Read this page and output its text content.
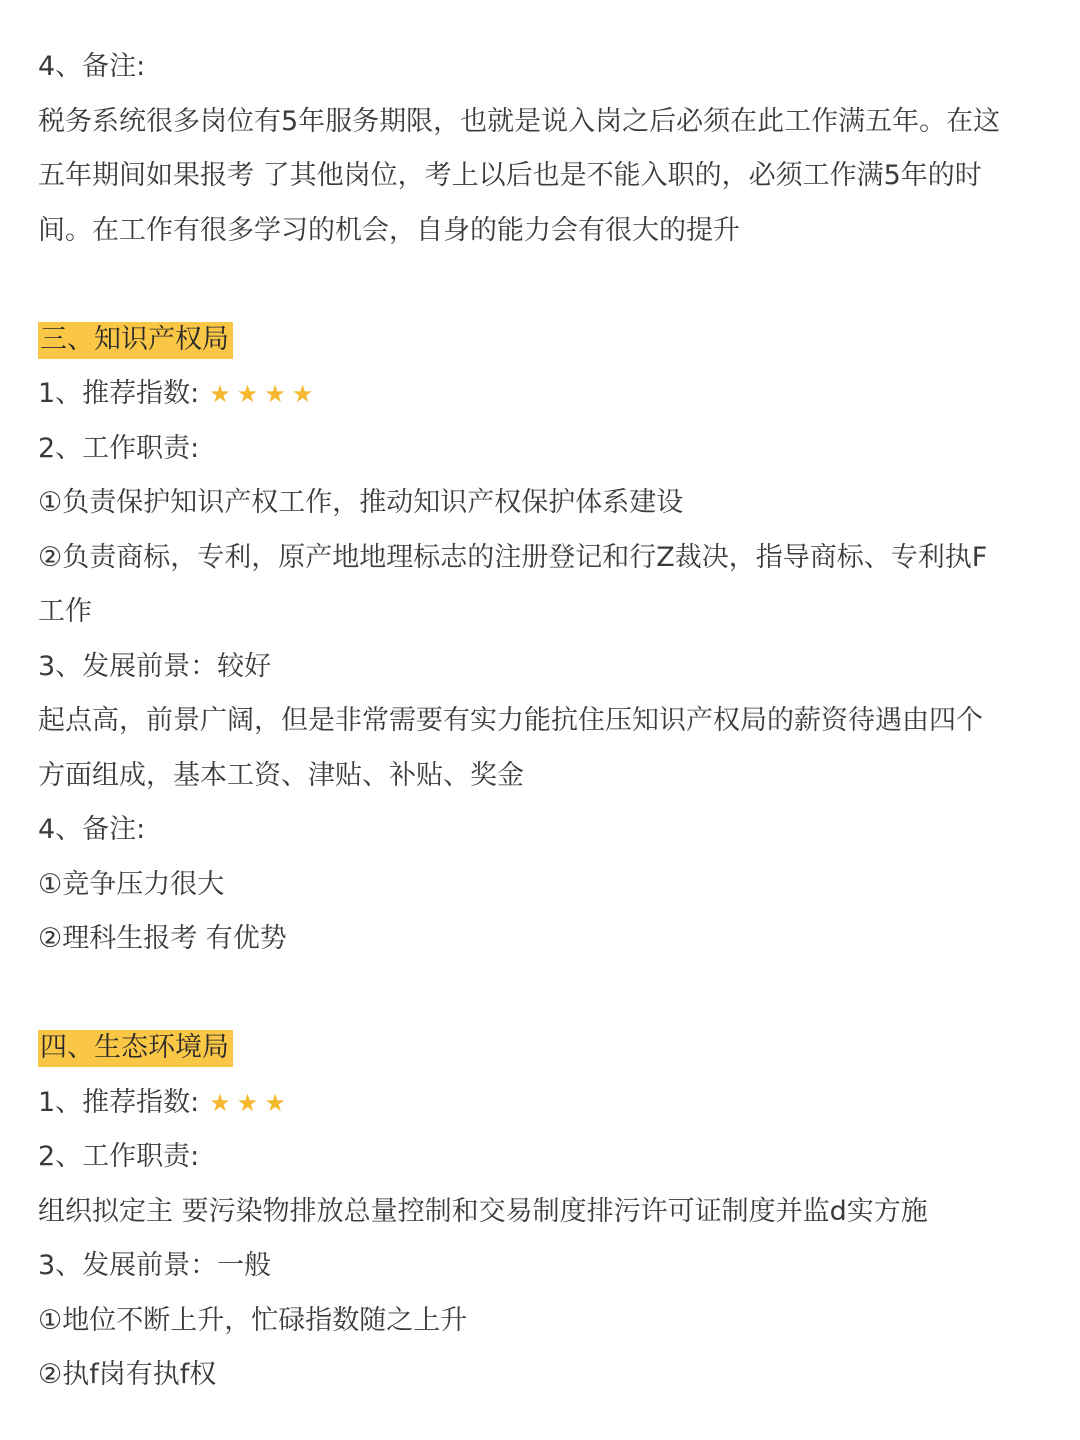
4、备注:
税务系统很多岗位有5年服务期限，也就是说入岗之后必须在此工作满五年。在这
五年期间如果报考 了其他岗位，考上以后也是不能入职的，必须工作满5年的时
间。在工作有很多学习的机会，自身的能力会有很大的提升
三、知识产权局
1、推荐指数: ★★★★
2、工作职责:
①负责保护知识产权工作，推动知识产权保护体系建设
②负责商标，专利，原产地地理标志的注册登记和行Z裁决，指导商标、专利执F
工作
3、发展前景：较好
起点高，前景广阔，但是非常需要有实力能抗住压知识产权局的薪资待遇由四个
方面组成，基本工资、津贴、补贴、奖金
4、备注:
①竞争压力很大
②理科生报考 有优势
四、生态环境局
1、推荐指数: ★★★
2、工作职责:
组织拟定主 要污染物排放总量控制和交易制度排污许可证制度并监d实方施
3、发展前景：一般
①地位不断上升，忙碌指数随之上升
②执f岗有执f权
